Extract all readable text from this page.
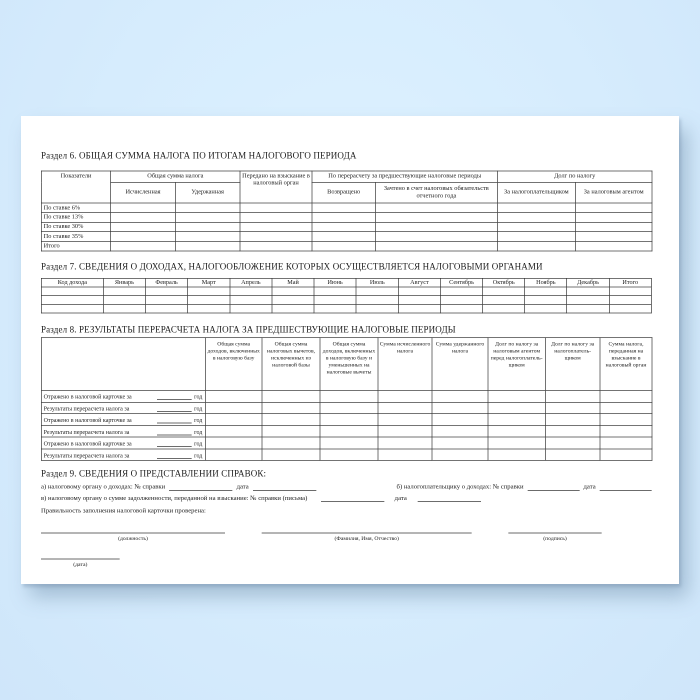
Раздел 6. ОБЩАЯ СУММА НАЛОГА ПО ИТОГАМ НАЛОГОВОГО ПЕРИОДА
Показатели	Общая сумма налога		Передано на взыскание в налоговый орган	По перерасчету за предшествующие налоговые периоды		Долг по налогу	
	Исчисленная	Удержанная		Возвращено	Зачтено в счет налоговых обязательств отчетного года	За налогоплательщиком	За налоговым агентом
По ставке 6%							
По ставке 13%							
По ставке 30%							
По ставке 35%							
Итого							
Раздел 7. СВЕДЕНИЯ О ДОХОДАХ, НАЛОГООБЛОЖЕНИЕ КОТОРЫХ ОСУЩЕСТВЛЯЕТСЯ НАЛОГОВЫМИ ОРГАНАМИ
Код дохода	Январь	Февраль	Март	Апрель	Май	Июнь	Июль	Август	Сентябрь	Октябрь	Ноябрь	Декабрь	Итого

Раздел 8. РЕЗУЛЬТАТЫ ПЕРЕРАСЧЕТА НАЛОГА ЗА ПРЕДШЕСТВУЮЩИЕ НАЛОГОВЫЕ ПЕРИОДЫ
	Общая сумма доходов, включенных в налоговую базу	Общая сумма налоговых вычетов, исключенных из налоговой базы	Общая сумма доходов, включенных в налоговую базу и уменьшенных на налоговые вычеты	Сумма исчисленного налога	Сумма удержанного налога	Долг по налогу за налоговым агентом перед налогоплатель-щиком	Долг по налогу за налогоплатель-щиком	Сумма налога, переданная на взыскание в налоговый орган

Отражено в налоговой карточке за год								

Результаты перерасчета налога за год								

Отражено в налоговой карточке за год								

Результаты перерасчета налога за год								

Отражено в налоговой карточке за год								

Результаты перерасчета налога за год								

Раздел 9. СВЕДЕНИЯ О ПРЕДСТАВЛЕНИИ СПРАВОК:
а) налоговому органу о доходах: № справки	дата	б) налогоплательщику о доходах: № справки	дата
в) налоговому органу о сумме задолженности, переданной на взыскание: № справки (письма)	дата
Правильность заполнения налоговой карточки проверена:
(должность)	(Фамилия, Имя, Отчество)	(подпись)
(дата)
